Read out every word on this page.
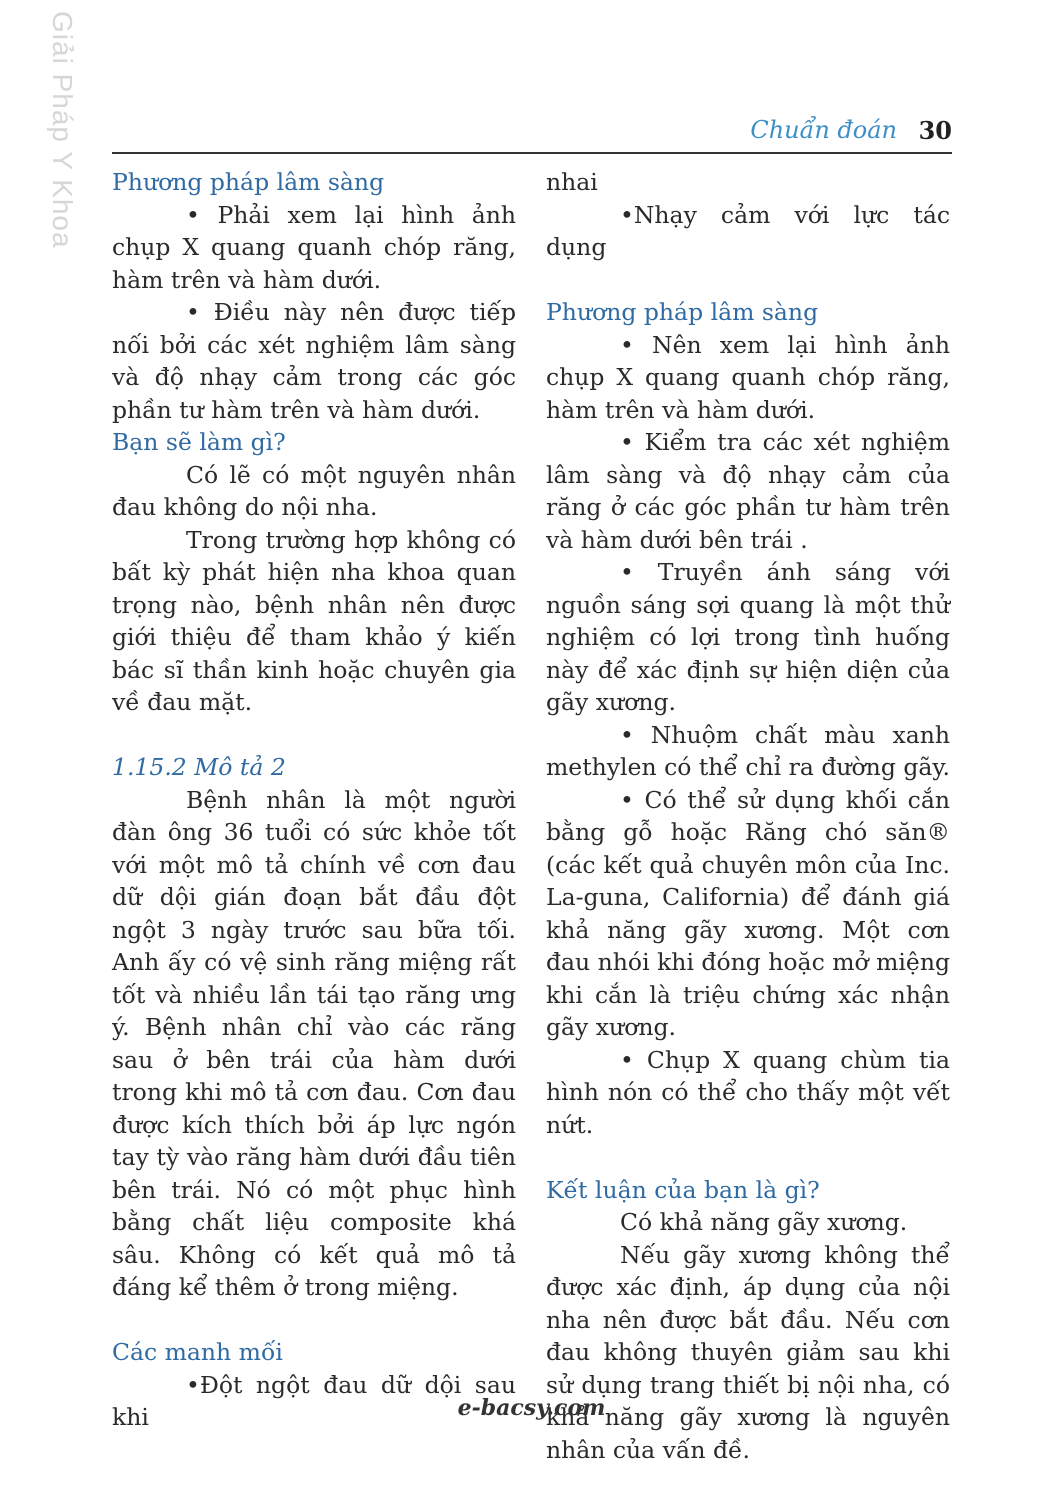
Giải Pháp Y Khoa	Chuẩn đoán 30

Phương pháp lâm sàng

• Phải xem lại hình ảnh chụp X quang quanh chóp răng, hàm trên và hàm dưới.

• Điều này nên được tiếp nối bởi các xét nghiệm lâm sàng và độ nhạy cảm trong các góc phần tư hàm trên và hàm dưới.

Bạn sẽ làm gì?

Có lẽ có một nguyên nhân đau không do nội nha.

Trong trường hợp không có bất kỳ phát hiện nha khoa quan trọng nào, bệnh nhân nên được giới thiệu để tham khảo ý kiến bác sĩ thần kinh hoặc chuyên gia về đau mặt.

1.15.2 Mô tả 2

Bệnh nhân là một người đàn ông 36 tuổi có sức khỏe tốt với một mô tả chính về cơn đau dữ dội gián đoạn bắt đầu đột ngột 3 ngày trước sau bữa tối. Anh ấy có vệ sinh răng miệng rất tốt và nhiều lần tái tạo răng ưng ý. Bệnh nhân chỉ vào các răng sau ở bên trái của hàm dưới trong khi mô tả cơn đau. Cơn đau được kích thích bởi áp lực ngón tay tỳ vào răng hàm dưới đầu tiên bên trái. Nó có một phục hình bằng chất liệu composite khá sâu. Không có kết quả mô tả đáng kể thêm ở trong miệng.

Các manh mối

•Đột ngột đau dữ dội sau khi

nhai

•Nhạy cảm với lực tác dụng

Phương pháp lâm sàng

• Nên xem lại hình ảnh chụp X quang quanh chóp răng, hàm trên và hàm dưới.

• Kiểm tra các xét nghiệm lâm sàng và độ nhạy cảm của răng ở các góc phần tư hàm trên và hàm dưới bên trái .

• Truyền ánh sáng với nguồn sáng sợi quang là một thử nghiệm có lợi trong tình huống này để xác định sự hiện diện của gãy xương.

• Nhuộm chất màu xanh methylen có thể chỉ ra đường gãy.

• Có thể sử dụng khối cắn bằng gỗ hoặc Răng chó săn® (các kết quả chuyên môn của Inc. La-guna, California) để đánh giá khả năng gãy xương. Một cơn đau nhói khi đóng hoặc mở miệng khi cắn là triệu chứng xác nhận gãy xương.

• Chụp X quang chùm tia hình nón có thể cho thấy một vết nứt.

Kết luận của bạn là gì?

Có khả năng gãy xương.

Nếu gãy xương không thể được xác định, áp dụng của nội nha nên được bắt đầu. Nếu cơn đau không thuyên giảm sau khi sử dụng trang thiết bị nội nha, có khả năng gãy xương là nguyên nhân của vấn đề.

e-bacsy.com
